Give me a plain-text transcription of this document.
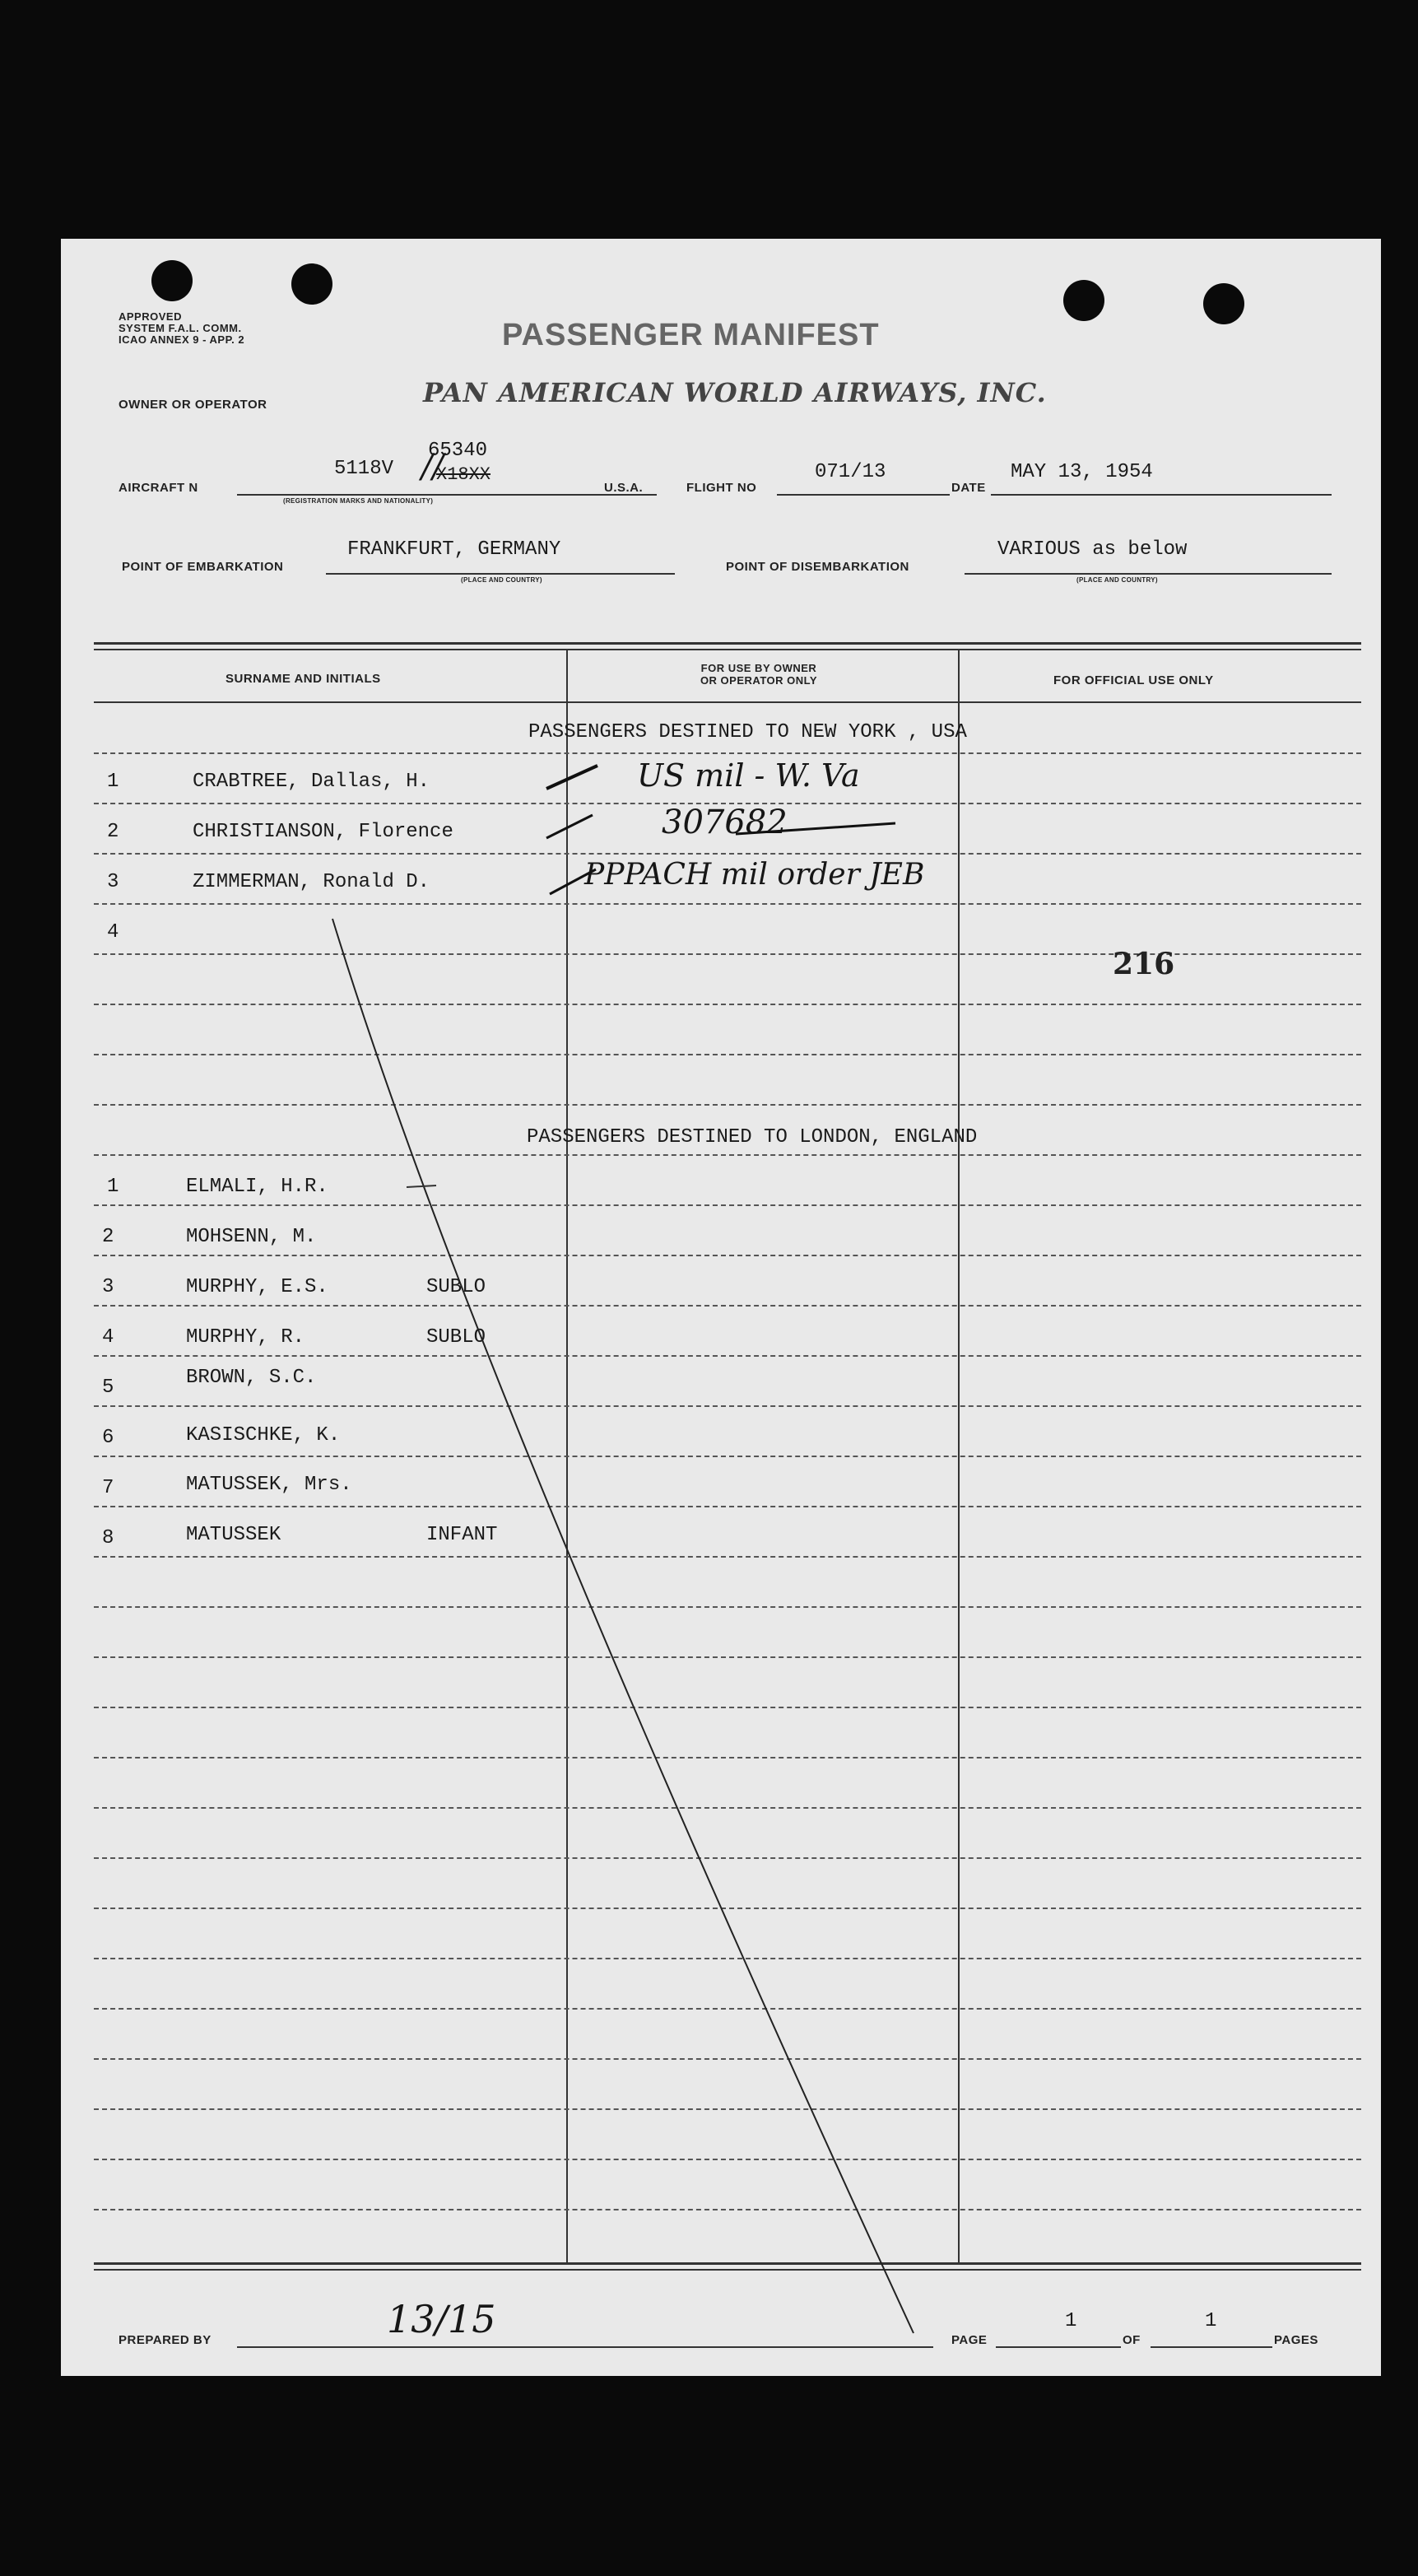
APPROVED
SYSTEM F.A.L. COMM.
ICAO ANNEX 9 - APP. 2	PASSENGER MANIFEST
OWNER OR OPERATOR	PAN AMERICAN WORLD AIRWAYS, INC.
AIRCRAFT N
5118V //
65340
X18XX
(REGISTRATION MARKS AND NATIONALITY)
U.S.A.	FLIGHT NO
071/13
DATE
MAY 13, 1954
POINT OF EMBARKATION
FRANKFURT, GERMANY
(PLACE AND COUNTRY)
POINT OF DISEMBARKATION
VARIOUS as below
(PLACE AND COUNTRY)
SURNAME AND INITIALS
FOR USE BY OWNER
OR OPERATOR ONLY	FOR OFFICIAL USE ONLY
PASSENGERS DESTINED TO NEW YORK , USA
1	CRABTREE, Dallas, H.	US mil - W. Va
2	CHRISTIANSON, Florence	307682
3	ZIMMERMAN, Ronald D.	PPPACH mil order JEB
4
216
PASSENGERS DESTINED TO LONDON, ENGLAND
1	ELMALI, H.R.
2	MOHSENN, M.
3	MURPHY, E.S.	SUBLO
4	MURPHY, R.	SUBLO
5	BROWN, S.C.
6	KASISCHKE, K.
7	MATUSSEK, Mrs.
8	MATUSSEK	INFANT
PREPARED BY	13/15	PAGE
1
OF
1
PAGES
